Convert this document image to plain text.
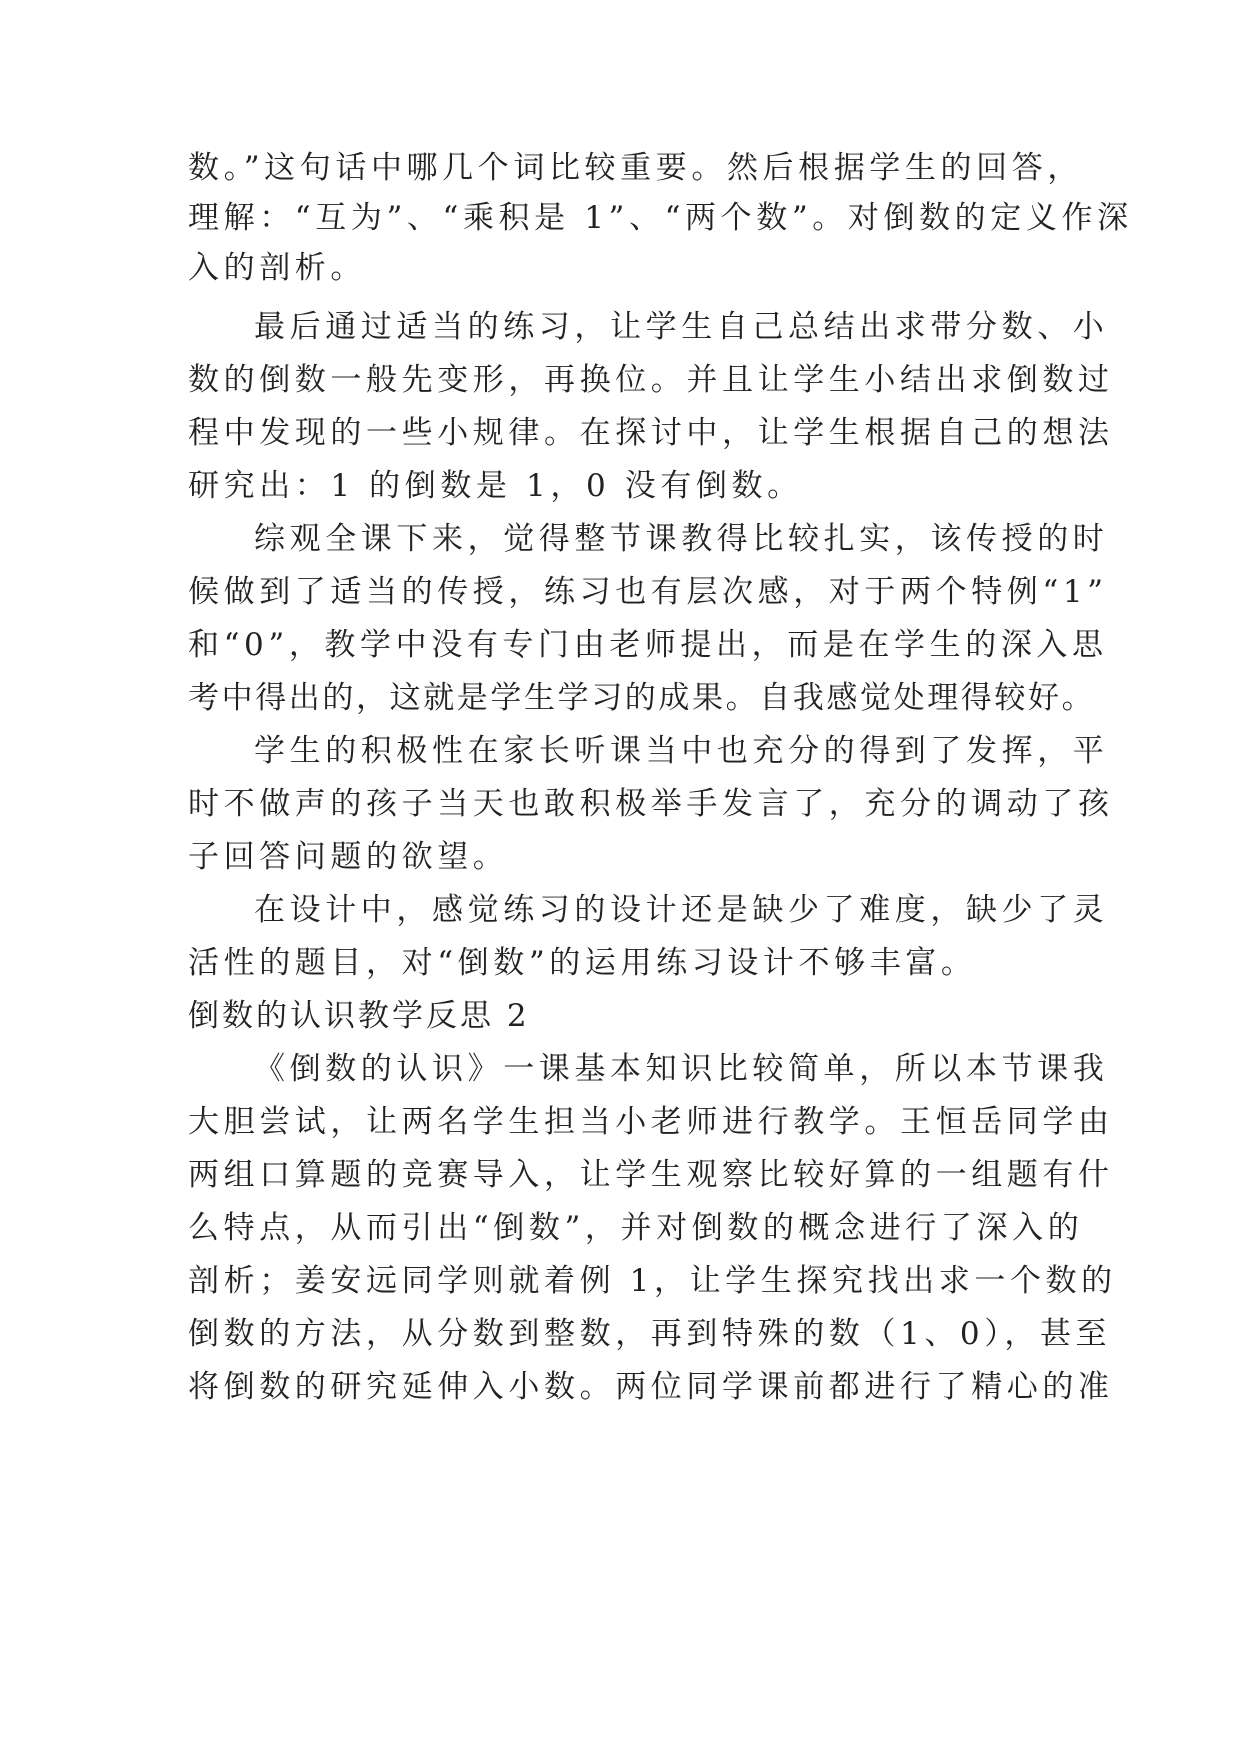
数。”这句话中哪几个词比较重要。然后根据学生的回答，
理解：“互为”、“乘积是 1”、“两个数”。对倒数的定义作深
入的剖析。
最后通过适当的练习，让学生自己总结出求带分数、小
数的倒数一般先变形，再换位。并且让学生小结出求倒数过
程中发现的一些小规律。在探讨中，让学生根据自己的想法
研究出：1 的倒数是 1，0 没有倒数。
综观全课下来，觉得整节课教得比较扎实，该传授的时
候做到了适当的传授，练习也有层次感，对于两个特例“1”
和“0”，教学中没有专门由老师提出，而是在学生的深入思
考中得出的，这就是学生学习的成果。自我感觉处理得较好。
学生的积极性在家长听课当中也充分的得到了发挥，平
时不做声的孩子当天也敢积极举手发言了，充分的调动了孩
子回答问题的欲望。
在设计中，感觉练习的设计还是缺少了难度，缺少了灵
活性的题目，对“倒数”的运用练习设计不够丰富。
倒数的认识教学反思 2
《倒数的认识》一课基本知识比较简单，所以本节课我
大胆尝试，让两名学生担当小老师进行教学。王恒岳同学由
两组口算题的竞赛导入，让学生观察比较好算的一组题有什
么特点，从而引出“倒数”，并对倒数的概念进行了深入的
剖析；姜安远同学则就着例 1，让学生探究找出求一个数的
倒数的方法，从分数到整数，再到特殊的数（1、0），甚至
将倒数的研究延伸入小数。两位同学课前都进行了精心的准
